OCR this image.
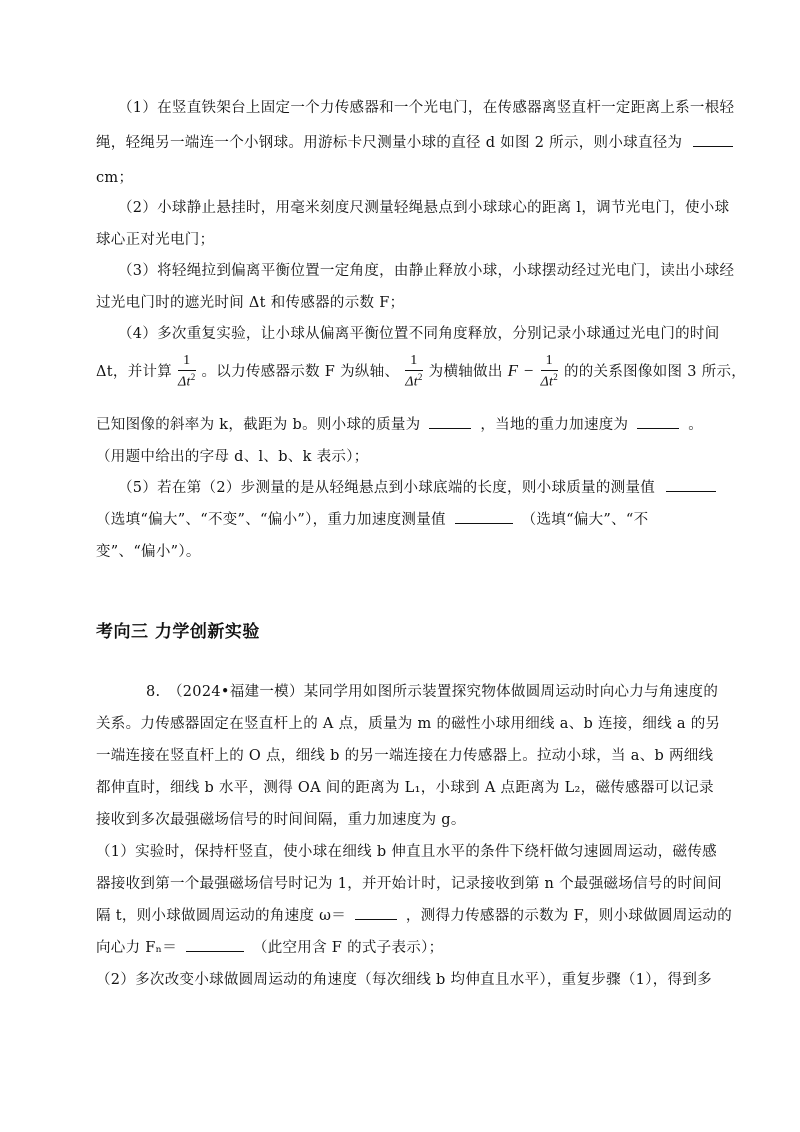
（1）在竖直铁架台上固定一个力传感器和一个光电门，在传感器离竖直杆一定距离上系一根轻
绳，轻绳另一端连一个小钢球。用游标卡尺测量小球的直径 d 如图 2 所示，则小球直径为
cm；
（2）小球静止悬挂时，用毫米刻度尺测量轻绳悬点到小球球心的距离 l，调节光电门，使小球
球心正对光电门；
（3）将轻绳拉到偏离平衡位置一定角度，由静止释放小球，小球摆动经过光电门，读出小球经
过光电门时的遮光时间 Δt 和传感器的示数 F；
（4）多次重复实验，让小球从偏离平衡位置不同角度释放，分别记录小球通过光电门的时间
Δt，并计算 $\frac{1}{\Delta t^2}$ 。以力传感器示数 F 为纵轴、 $\frac{1}{\Delta t^2}$ 为横轴做出 $F - \frac{1}{\Delta t^2}$ 的的关系图像如图 3 所示，
已知图像的斜率为 k，截距为 b。则小球的质量为	，当地的重力加速度为	。
（用题中给出的字母 d、l、b、k 表示）；
（5）若在第（2）步测量的是从轻绳悬点到小球底端的长度，则小球质量的测量值
（选填“偏大”、“不变”、“偏小”），重力加速度测量值	（选填“偏大”、“不
变”、“偏小”）。
考向三 力学创新实验
8.　（2024•福建一模）某同学用如图所示装置探究物体做圆周运动时向心力与角速度的
关系。力传感器固定在竖直杆上的 A 点，质量为 m 的磁性小球用细线 a、b 连接，细线 a 的另
一端连接在竖直杆上的 O 点，细线 b 的另一端连接在力传感器上。拉动小球，当 a、b 两细线
都伸直时，细线 b 水平，测得 OA 间的距离为 L₁，小球到 A 点距离为 L₂，磁传感器可以记录
接收到多次最强磁场信号的时间间隔，重力加速度为 g。
（1）实验时，保持杆竖直，使小球在细线 b 伸直且水平的条件下绕杆做匀速圆周运动，磁传感
器接收到第一个最强磁场信号时记为 1，并开始计时，记录接收到第 n 个最强磁场信号的时间间
隔 t，则小球做圆周运动的角速度 ω＝	，测得力传感器的示数为 F，则小球做圆周运动的
向心力 Fₙ＝	（此空用含 F 的式子表示）；
（2）多次改变小球做圆周运动的角速度（每次细线 b 均伸直且水平），重复步骤（1），得到多
